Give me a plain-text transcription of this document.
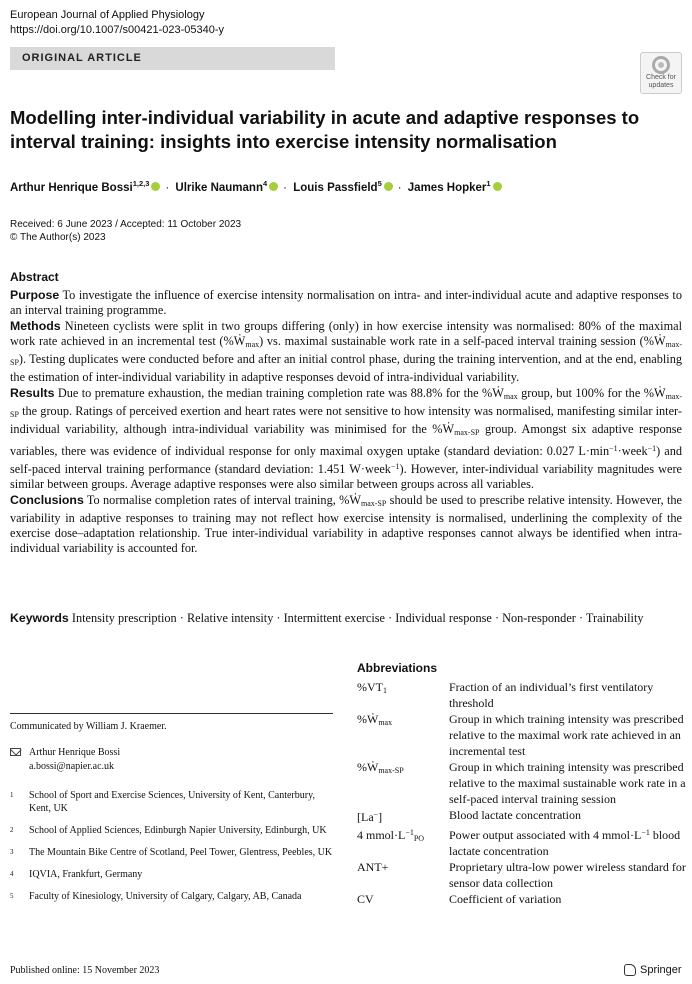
European Journal of Applied Physiology
https://doi.org/10.1007/s00421-023-05340-y
ORIGINAL ARTICLE
Check for
updates
Modelling inter-individual variability in acute and adaptive responses to interval training: insights into exercise intensity normalisation
Arthur Henrique Bossi$^{1,2,3}$ · Ulrike Naumann$^4$ · Louis Passfield$^5$ · James Hopker$^1$
Received: 6 June 2023 / Accepted: 11 October 2023
© The Author(s) 2023
Abstract

Purpose To investigate the influence of exercise intensity normalisation on intra- and inter-individual acute and adaptive responses to an interval training programme.

Methods Nineteen cyclists were split in two groups differing (only) in how exercise intensity was normalised: 80% of the maximal work rate achieved in an incremental test (%Ẇ$_{max}$) vs. maximal sustainable work rate in a self-paced interval training session (%Ẇ$_{max-SP}$). Testing duplicates were conducted before and after an initial control phase, during the training intervention, and at the end, enabling the estimation of inter-individual variability in adaptive responses devoid of intra-individual variability.

Results Due to premature exhaustion, the median training completion rate was 88.8% for the %Ẇ$_{max}$ group, but 100% for the %Ẇ$_{max-SP}$ the group. Ratings of perceived exertion and heart rates were not sensitive to how intensity was normalised, manifesting similar inter-individual variability, although intra-individual variability was minimised for the %Ẇ$_{max-SP}$ group. Amongst six adaptive response variables, there was evidence of individual response for only maximal oxygen uptake (standard deviation: 0.027 $L\cdot\min^{-1}\cdot week^{-1}$) and self-paced interval training performance (standard deviation: 1.451 W·week$^{-1}$). However, inter-individual variability magnitudes were similar between groups. Average adaptive responses were also similar between groups across all variables.

Conclusions To normalise completion rates of interval training, %Ẇ$_{max-SP}$ should be used to prescribe relative intensity. However, the variability in adaptive responses to training may not reflect how exercise intensity is normalised, underlining the complexity of the exercise dose–adaptation relationship. True inter-individual variability in adaptive responses cannot always be identified when intra-individual variability is accounted for.

Keywords Intensity prescription · Relative intensity · Intermittent exercise · Individual response · Non-responder · Trainability
Abbreviations
$\%VT_1$	Fraction of an individual’s first ventilatory threshold
%Ẇ$_{max}$	Group in which training intensity was prescribed relative to the maximal work rate achieved in an incremental test
%Ẇ$_{max-SP}$	Group in which training intensity was prescribed relative to the maximal sustainable work rate in a self-paced interval training session
[La−]	Blood lactate concentration
4 $mmol\cdot L^{-1}_{PO}$	Power output associated with 4 $mmol\cdot L^{-1}$ blood lactate concentration
ANT+	Proprietary ultra-low power wireless standard for sensor data collection
CV	Coefficient of variation
Communicated by William J. Kraemer.
Arthur Henrique Bossi
a.bossi@napier.ac.uk
1	School of Sport and Exercise Sciences, University of Kent, Canterbury, Kent, UK
2	School of Applied Sciences, Edinburgh Napier University, Edinburgh, UK
3	The Mountain Bike Centre of Scotland, Peel Tower, Glentress, Peebles, UK
4	IQVIA, Frankfurt, Germany
5	Faculty of Kinesiology, University of Calgary, Calgary, AB, Canada
Published online: 15 November 2023	Springer
